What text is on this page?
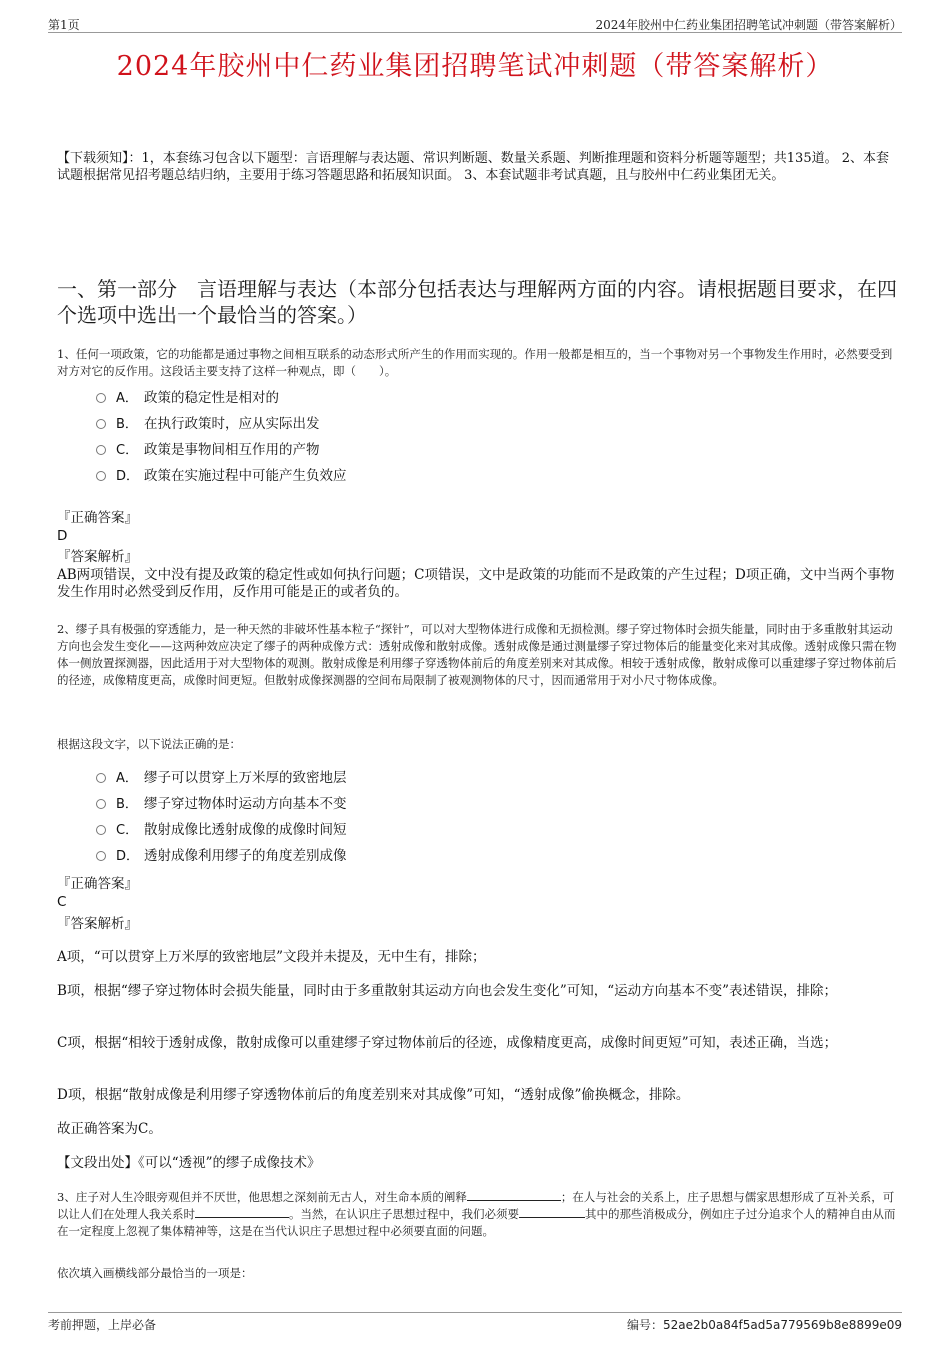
第1页	2024年胶州中仁药业集团招聘笔试冲刺题（带答案解析）
2024年胶州中仁药业集团招聘笔试冲刺题（带答案解析）
【下载须知】：1，本套练习包含以下题型：言语理解与表达题、常识判断题、数量关系题、判断推理题和资料分析题等题型；共135道。 2、本套试题根据常见招考题总结归纳，主要用于练习答题思路和拓展知识面。 3、本套试题非考试真题，且与胶州中仁药业集团无关。
一、第一部分　言语理解与表达（本部分包括表达与理解两方面的内容。请根据题目要求，在四个选项中选出一个最恰当的答案。）
1、任何一项政策，它的功能都是通过事物之间相互联系的动态形式所产生的作用而实现的。作用一般都是相互的，当一个事物对另一个事物发生作用时，必然要受到对方对它的反作用。这段话主要支持了这样一种观点，即（　　）。
A． 政策的稳定性是相对的
B． 在执行政策时，应从实际出发
C． 政策是事物间相互作用的产物
D． 政策在实施过程中可能产生负效应
『正确答案』
D
『答案解析』
AB两项错误，文中没有提及政策的稳定性或如何执行问题；C项错误，文中是政策的功能而不是政策的产生过程；D项正确，文中当两个事物发生作用时必然受到反作用，反作用可能是正的或者负的。
2、缪子具有极强的穿透能力，是一种天然的非破坏性基本粒子“探针”，可以对大型物体进行成像和无损检测。缪子穿过物体时会损失能量，同时由于多重散射其运动方向也会发生变化——这两种效应决定了缪子的两种成像方式：透射成像和散射成像。透射成像是通过测量缪子穿过物体后的能量变化来对其成像。透射成像只需在物体一侧放置探测器，因此适用于对大型物体的观测。散射成像是利用缪子穿透物体前后的角度差别来对其成像。相较于透射成像，散射成像可以重建缪子穿过物体前后的径迹，成像精度更高，成像时间更短。但散射成像探测器的空间布局限制了被观测物体的尺寸，因而通常用于对小尺寸物体成像。
根据这段文字，以下说法正确的是：
A． 缪子可以贯穿上万米厚的致密地层
B． 缪子穿过物体时运动方向基本不变
C． 散射成像比透射成像的成像时间短
D． 透射成像利用缪子的角度差别成像
『正确答案』
C
『答案解析』
A项，“可以贯穿上万米厚的致密地层”文段并未提及，无中生有，排除；
B项，根据“缪子穿过物体时会损失能量，同时由于多重散射其运动方向也会发生变化”可知，“运动方向基本不变”表述错误，排除；
C项，根据“相较于透射成像，散射成像可以重建缪子穿过物体前后的径迹，成像精度更高，成像时间更短”可知，表述正确，当选；
D项，根据“散射成像是利用缪子穿透物体前后的角度差别来对其成像”可知，“透射成像”偷换概念，排除。
故正确答案为C。
【文段出处】《可以“透视”的缪子成像技术》
3、庄子对人生冷眼旁观但并不厌世，他思想之深刻前无古人，对生命本质的阐释	；在人与社会的关系上，庄子思想与儒家思想形成了互补关系，可以让人们在处理人我关系时	。当然，在认识庄子思想过程中，我们必须要	其中的那些消极成分，例如庄子过分追求个人的精神自由从而在一定程度上忽视了集体精神等，这是在当代认识庄子思想过程中必须要直面的问题。
依次填入画横线部分最恰当的一项是：
考前押题，上岸必备	编号：52ae2b0a84f5ad5a779569b8e8899e09
